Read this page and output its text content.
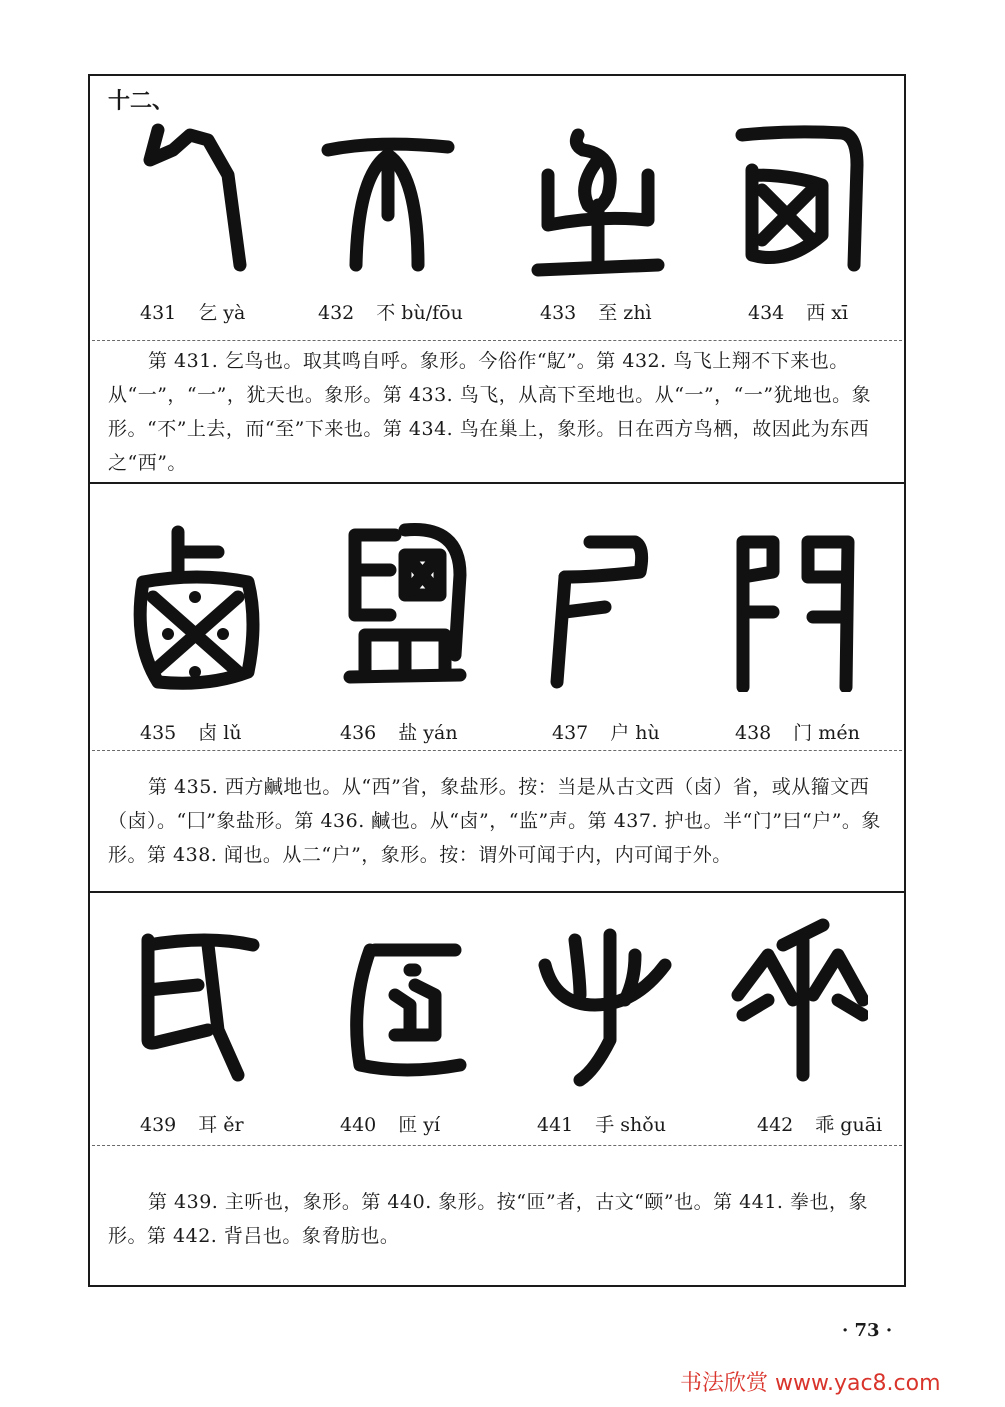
十二、
431 乞 yà	432 不 bù/fōu	433 至 zhì	434 西 xī
第 431. 乞鸟也。取其鸣自呼。象形。今俗作“鳦”。第 432. 鸟飞上翔不下来也。从“一”，“一”，犹天也。象形。第 433. 鸟飞，从高下至地也。从“一”，“一”犹地也。象形。“不”上去，而“至”下来也。第 434. 鸟在巢上，象形。日在西方鸟栖，故因此为东西之“西”。
435 卤 lǔ	436 盐 yán	437 户 hù	438 门 mén
第 435. 西方鹹地也。从“西”省，象盐形。按：当是从古文西（卤）省，或从籀文西（卤）。“囗”象盐形。第 436. 鹹也。从“卤”，“监”声。第 437. 护也。半“门”曰“户”。象形。第 438. 闻也。从二“户”，象形。按：谓外可闻于内，内可闻于外。
439 耳 ěr	440 匝 yí	441 手 shǒu	442 乖 guāi
第 439. 主听也，象形。第 440. 象形。按“匝”者，古文“颐”也。第 441. 拳也，象形。第 442. 背吕也。象脅肪也。
· 73 ·
书法欣赏 www.yac8.com
